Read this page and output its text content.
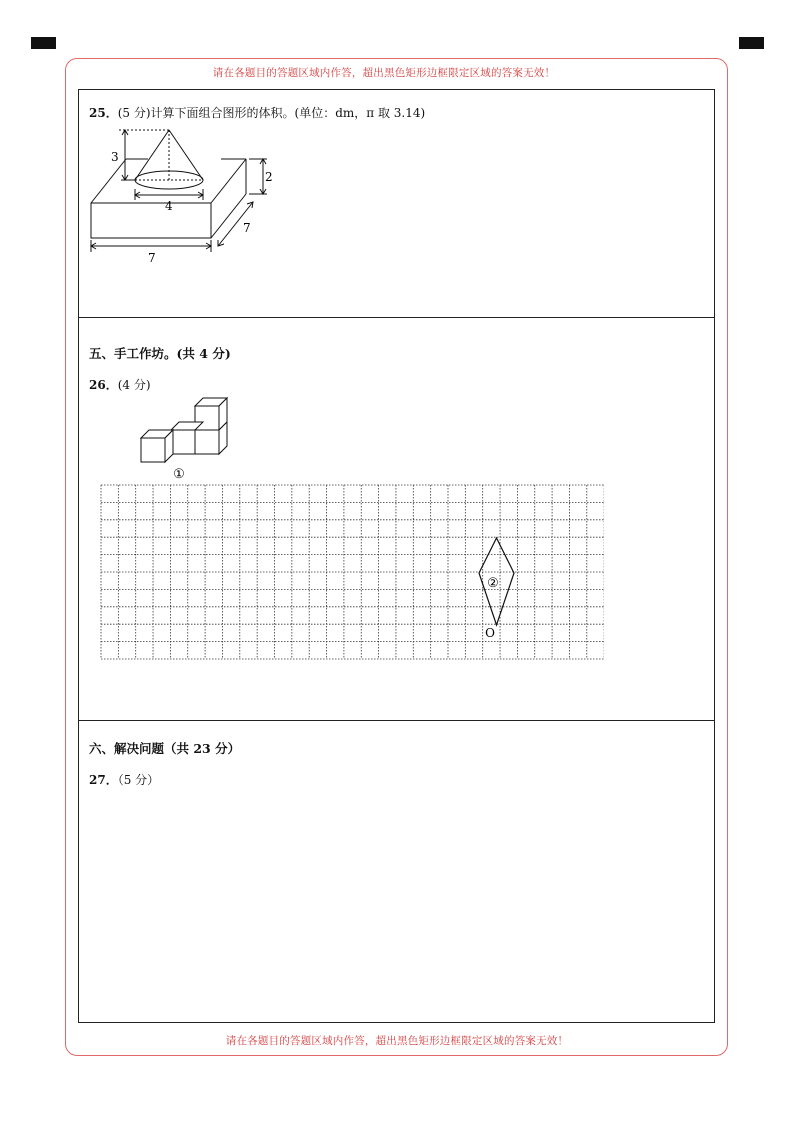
请在各题目的答题区域内作答，超出黑色矩形边框限定区域的答案无效！
请在各题目的答题区域内作答，超出黑色矩形边框限定区域的答案无效！
25．(5 分)计算下面组合图形的体积。(单位：dm，π 取 3.14)
3
2
4
7
7
五、手工作坊。(共 4 分)
26．(4 分)
①
②
O
六、解决问题（共 23 分）
27．（5 分）
